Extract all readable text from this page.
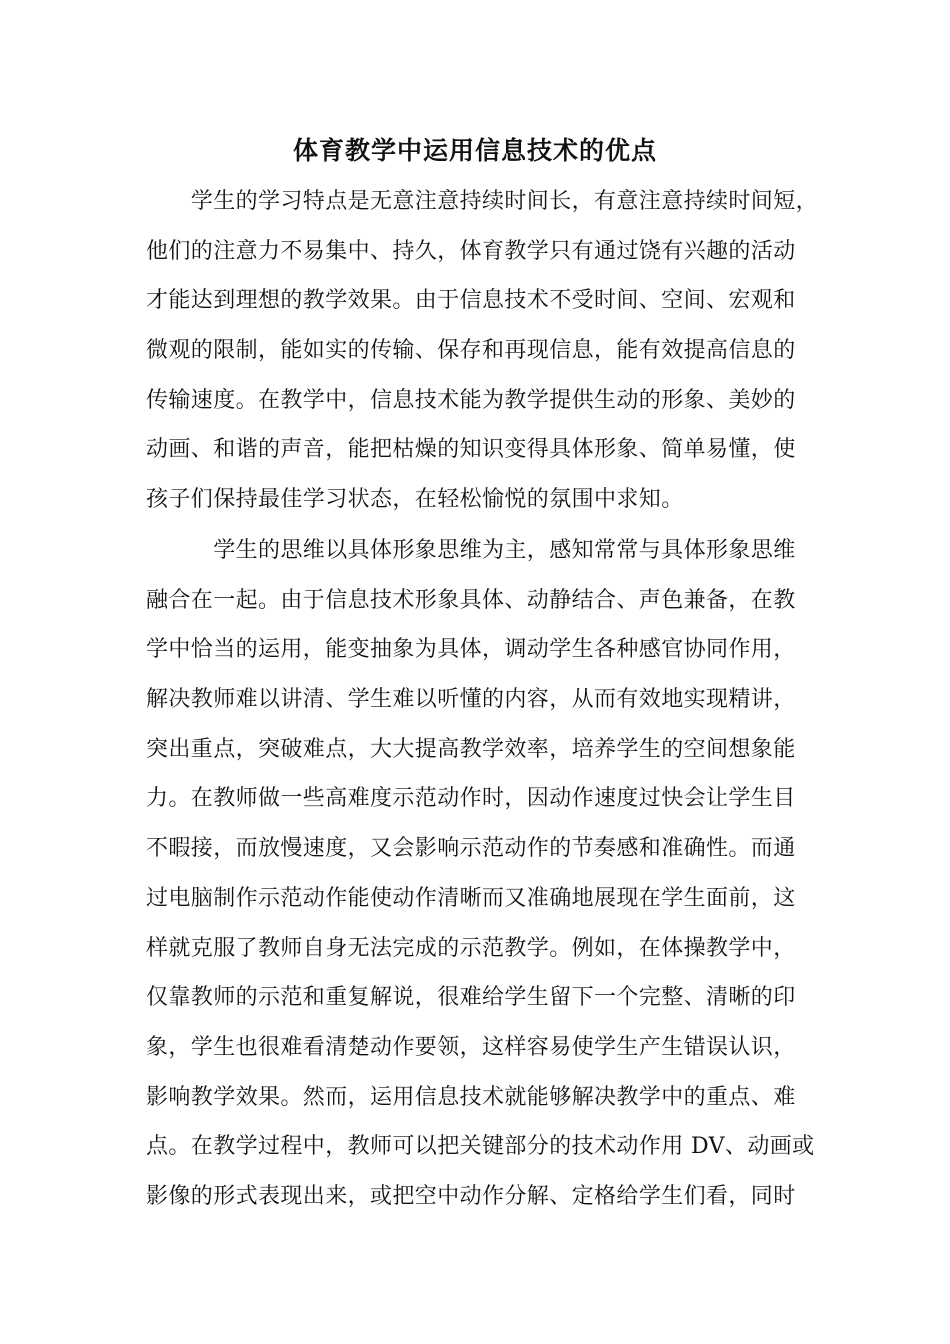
体育教学中运用信息技术的优点
　　学生的学习特点是无意注意持续时间长，有意注意持续时间短，
他们的注意力不易集中、持久，体育教学只有通过饶有兴趣的活动
才能达到理想的教学效果。由于信息技术不受时间、空间、宏观和
微观的限制，能如实的传输、保存和再现信息，能有效提高信息的
传输速度。在教学中，信息技术能为教学提供生动的形象、美妙的
动画、和谐的声音，能把枯燥的知识变得具体形象、简单易懂，使
孩子们保持最佳学习状态，在轻松愉悦的氛围中求知。
　　　学生的思维以具体形象思维为主，感知常常与具体形象思维
融合在一起。由于信息技术形象具体、动静结合、声色兼备，在教
学中恰当的运用，能变抽象为具体，调动学生各种感官协同作用，
解决教师难以讲清、学生难以听懂的内容，从而有效地实现精讲，
突出重点，突破难点，大大提高教学效率，培养学生的空间想象能
力。在教师做一些高难度示范动作时，因动作速度过快会让学生目
不暇接，而放慢速度，又会影响示范动作的节奏感和准确性。而通
过电脑制作示范动作能使动作清晰而又准确地展现在学生面前，这
样就克服了教师自身无法完成的示范教学。例如，在体操教学中，
仅靠教师的示范和重复解说，很难给学生留下一个完整、清晰的印
象，学生也很难看清楚动作要领，这样容易使学生产生错误认识，
影响教学效果。然而，运用信息技术就能够解决教学中的重点、难
点。在教学过程中，教师可以把关键部分的技术动作用 DV、动画或
影像的形式表现出来，或把空中动作分解、定格给学生们看，同时
